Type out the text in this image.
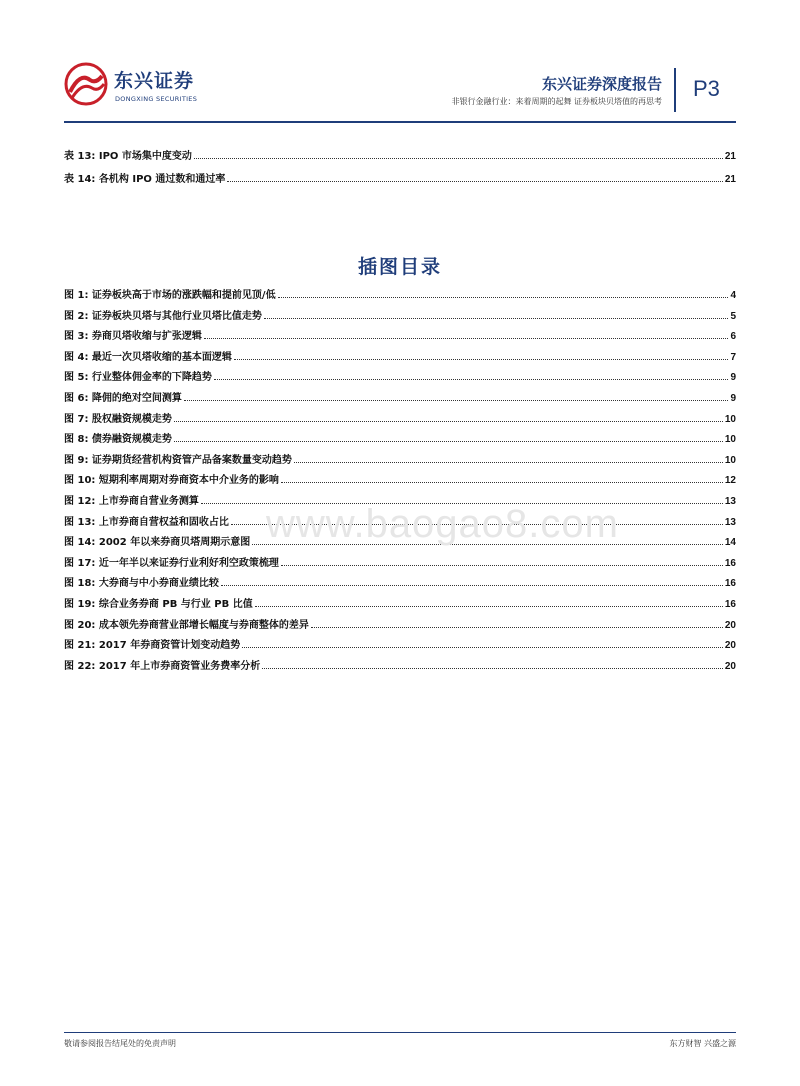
东兴证券
DONGXING SECURITIES
东兴证券深度报告
非银行金融行业：来着周期的起舞 证券板块贝塔值的再思考
P3
表 13: IPO 市场集中度变动	21
表 14: 各机构 IPO 通过数和通过率	21
插图目录
图 1: 证券板块高于市场的涨跌幅和提前见顶/低	4
图 2: 证券板块贝塔与其他行业贝塔比值走势	5
图 3: 券商贝塔收缩与扩张逻辑	6
图 4: 最近一次贝塔收缩的基本面逻辑	7
图 5: 行业整体佣金率的下降趋势	9
图 6: 降佣的绝对空间测算	9
图 7: 股权融资规模走势	10
图 8: 债券融资规模走势	10
图 9: 证券期货经营机构资管产品备案数量变动趋势	10
图 10: 短期利率周期对券商资本中介业务的影响	12
图 12: 上市券商自营业务测算	13
图 13: 上市券商自营权益和固收占比	13
图 14: 2002 年以来券商贝塔周期示意图	14
图 17: 近一年半以来证券行业利好利空政策梳理	16
图 18: 大券商与中小券商业绩比较	16
图 19: 综合业务券商 PB 与行业 PB 比值	16
图 20: 成本领先券商营业部增长幅度与券商整体的差异	20
图 21: 2017 年券商资管计划变动趋势	20
图 22: 2017 年上市券商资管业务费率分析	20
www.baogao8.com
敬请参阅报告结尾处的免责声明	东方财智 兴盛之源
